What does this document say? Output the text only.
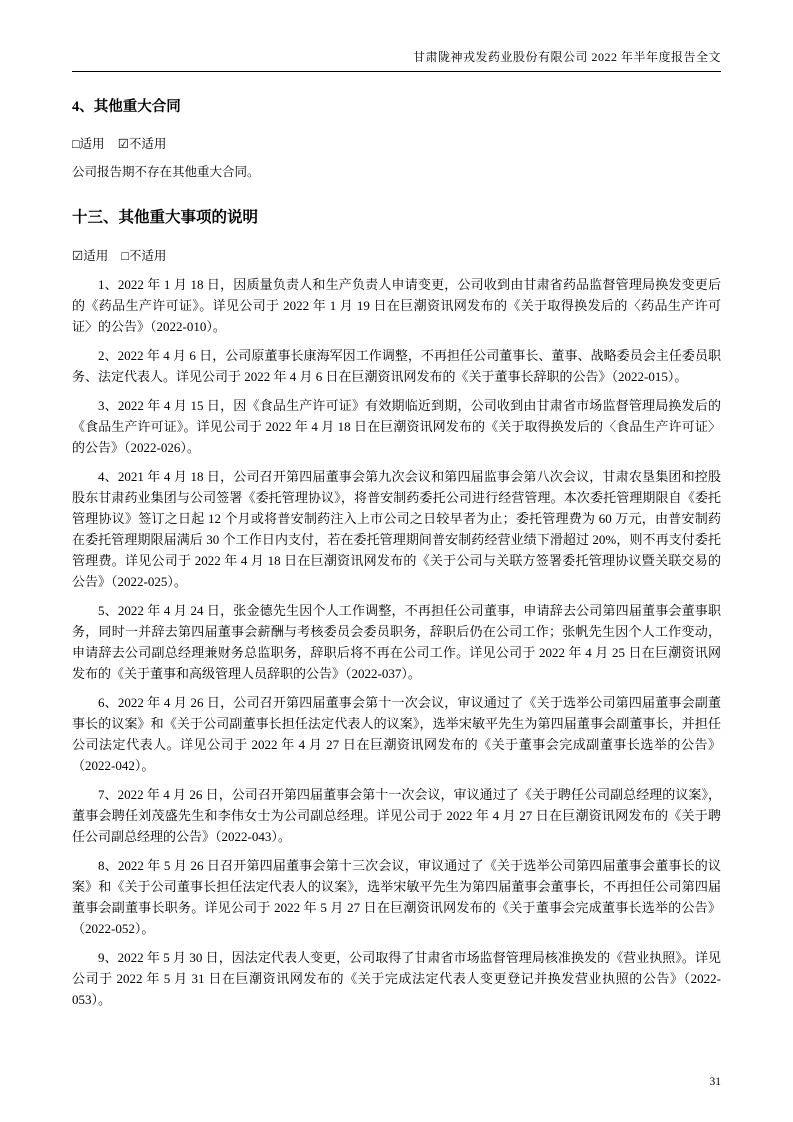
甘肃陇神戎发药业股份有限公司 2022 年半年度报告全文
4、其他重大合同
□适用 ☑不适用

公司报告期不存在其他重大合同。

十三、其他重大事项的说明
☑适用 □不适用

1、2022 年 1 月 18 日，因质量负责人和生产负责人申请变更，公司收到由甘肃省药品监督管理局换发变更后的《药品生产许可证》。详见公司于 2022 年 1 月 19 日在巨潮资讯网发布的《关于取得换发后的〈药品生产许可证〉的公告》（2022-010）。

2、2022 年 4 月 6 日，公司原董事长康海军因工作调整，不再担任公司董事长、董事、战略委员会主任委员职务、法定代表人。详见公司于 2022 年 4 月 6 日在巨潮资讯网发布的《关于董事长辞职的公告》（2022-015）。

3、2022 年 4 月 15 日，因《食品生产许可证》有效期临近到期，公司收到由甘肃省市场监督管理局换发后的《食品生产许可证》。详见公司于 2022 年 4 月 18 日在巨潮资讯网发布的《关于取得换发后的〈食品生产许可证〉的公告》（2022-026）。

4、2021 年 4 月 18 日，公司召开第四届董事会第九次会议和第四届监事会第八次会议，甘肃农垦集团和控股股东甘肃药业集团与公司签署《委托管理协议》，将普安制药委托公司进行经营管理。本次委托管理期限自《委托管理协议》签订之日起 12 个月或将普安制药注入上市公司之日较早者为止；委托管理费为 60 万元，由普安制药在委托管理期限届满后 30 个工作日内支付，若在委托管理期间普安制药经营业绩下滑超过 20%，则不再支付委托管理费。详见公司于 2022 年 4 月 18 日在巨潮资讯网发布的《关于公司与关联方签署委托管理协议暨关联交易的公告》（2022-025）。

5、2022 年 4 月 24 日，张金德先生因个人工作调整，不再担任公司董事，申请辞去公司第四届董事会董事职务，同时一并辞去第四届董事会薪酬与考核委员会委员职务，辞职后仍在公司工作；张帆先生因个人工作变动，申请辞去公司副总经理兼财务总监职务，辞职后将不再在公司工作。详见公司于 2022 年 4 月 25 日在巨潮资讯网发布的《关于董事和高级管理人员辞职的公告》（2022-037）。

6、2022 年 4 月 26 日，公司召开第四届董事会第十一次会议，审议通过了《关于选举公司第四届董事会副董事长的议案》和《关于公司副董事长担任法定代表人的议案》，选举宋敏平先生为第四届董事会副董事长，并担任公司法定代表人。详见公司于 2022 年 4 月 27 日在巨潮资讯网发布的《关于董事会完成副董事长选举的公告》（2022-042）。

7、2022 年 4 月 26 日，公司召开第四届董事会第十一次会议，审议通过了《关于聘任公司副总经理的议案》，董事会聘任刘茂盛先生和李伟女士为公司副总经理。详见公司于 2022 年 4 月 27 日在巨潮资讯网发布的《关于聘任公司副总经理的公告》（2022-043）。

8、2022 年 5 月 26 日召开第四届董事会第十三次会议，审议通过了《关于选举公司第四届董事会董事长的议案》和《关于公司董事长担任法定代表人的议案》，选举宋敏平先生为第四届董事会董事长，不再担任公司第四届董事会副董事长职务。详见公司于 2022 年 5 月 27 日在巨潮资讯网发布的《关于董事会完成董事长选举的公告》（2022-052）。

9、2022 年 5 月 30 日，因法定代表人变更，公司取得了甘肃省市场监督管理局核准换发的《营业执照》。详见公司于 2022 年 5 月 31 日在巨潮资讯网发布的《关于完成法定代表人变更登记并换发营业执照的公告》（2022-053）。

31
